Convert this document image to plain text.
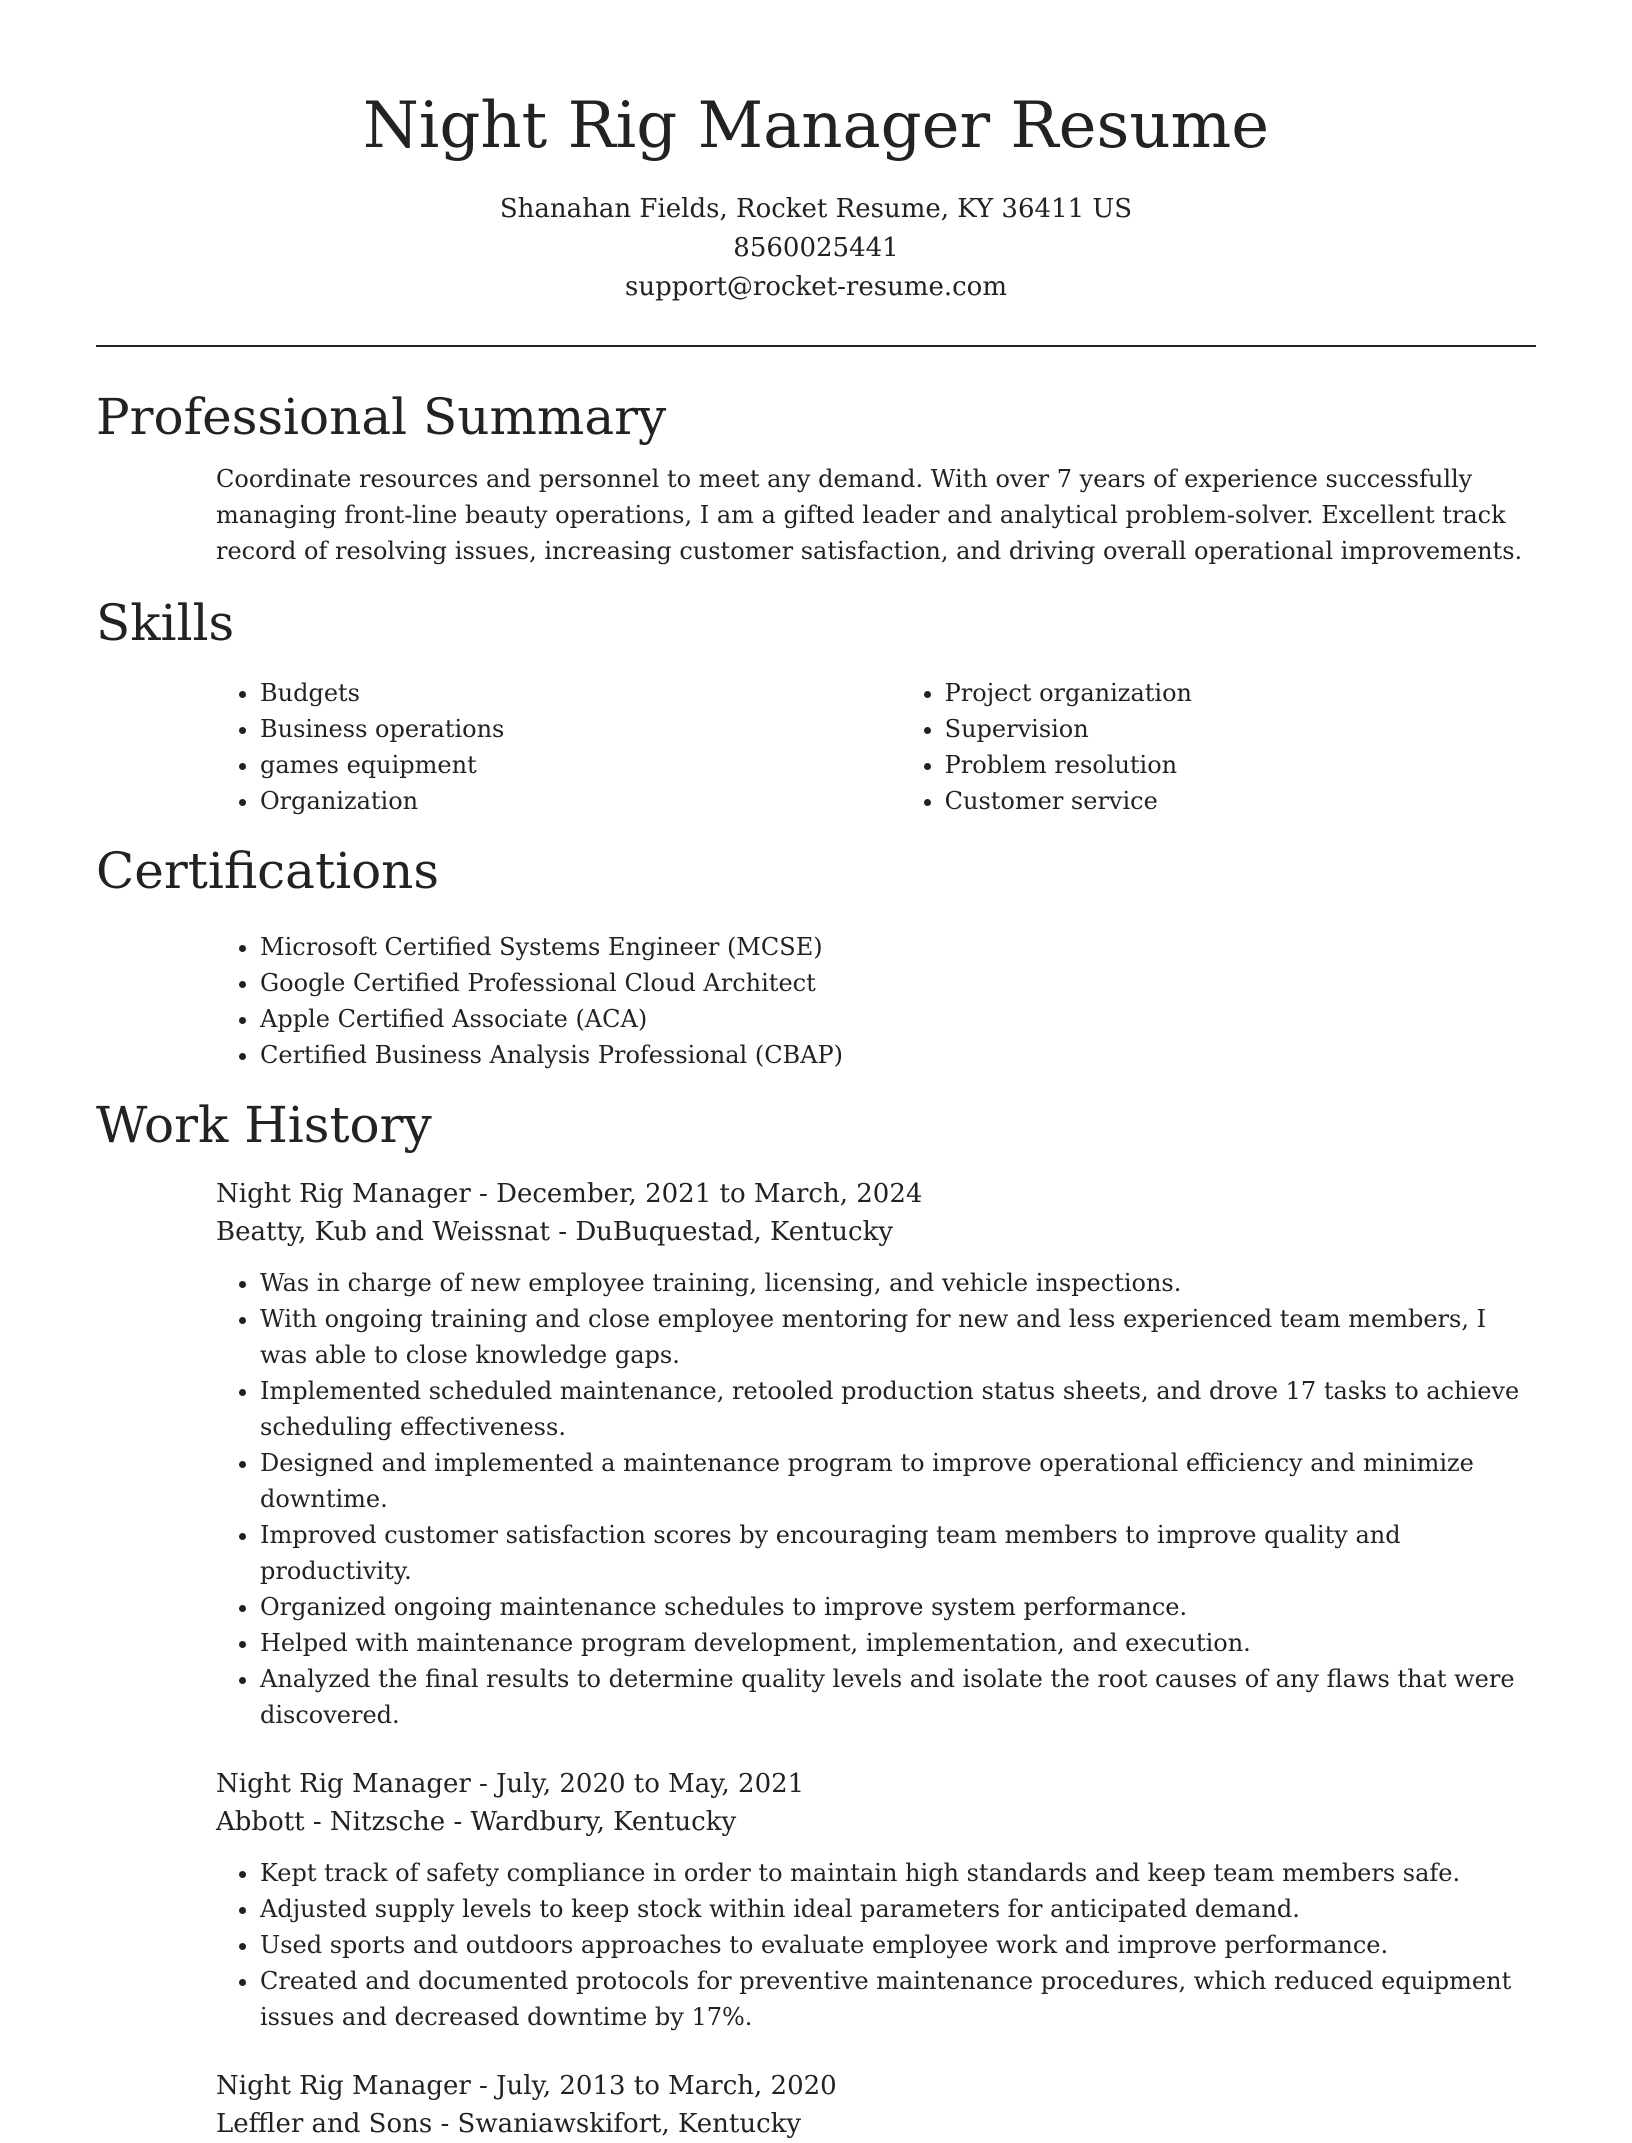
Night Rig Manager Resume
Shanahan Fields, Rocket Resume, KY 36411 US
8560025441
support@rocket-resume.com
Professional Summary
Coordinate resources and personnel to meet any demand. With over 7 years of experience successfully managing front-line beauty operations, I am a gifted leader and analytical problem-solver. Excellent track record of resolving issues, increasing customer satisfaction, and driving overall operational improvements.
Skills
• Budgets
• Business operations
• games equipment
• Organization
• Project organization
• Supervision
• Problem resolution
• Customer service
Certifications
• Microsoft Certified Systems Engineer (MCSE)
• Google Certified Professional Cloud Architect
• Apple Certified Associate (ACA)
• Certified Business Analysis Professional (CBAP)
Work History
Night Rig Manager - December, 2021 to March, 2024
Beatty, Kub and Weissnat - DuBuquestad, Kentucky
• Was in charge of new employee training, licensing, and vehicle inspections.
• With ongoing training and close employee mentoring for new and less experienced team members, I was able to close knowledge gaps.
• Implemented scheduled maintenance, retooled production status sheets, and drove 17 tasks to achieve scheduling effectiveness.
• Designed and implemented a maintenance program to improve operational efficiency and minimize downtime.
• Improved customer satisfaction scores by encouraging team members to improve quality and productivity.
• Organized ongoing maintenance schedules to improve system performance.
• Helped with maintenance program development, implementation, and execution.
• Analyzed the final results to determine quality levels and isolate the root causes of any flaws that were discovered.
Night Rig Manager - July, 2020 to May, 2021
Abbott - Nitzsche - Wardbury, Kentucky
• Kept track of safety compliance in order to maintain high standards and keep team members safe.
• Adjusted supply levels to keep stock within ideal parameters for anticipated demand.
• Used sports and outdoors approaches to evaluate employee work and improve performance.
• Created and documented protocols for preventive maintenance procedures, which reduced equipment issues and decreased downtime by 17%.
Night Rig Manager - July, 2013 to March, 2020
Leffler and Sons - Swaniawskifort, Kentucky
